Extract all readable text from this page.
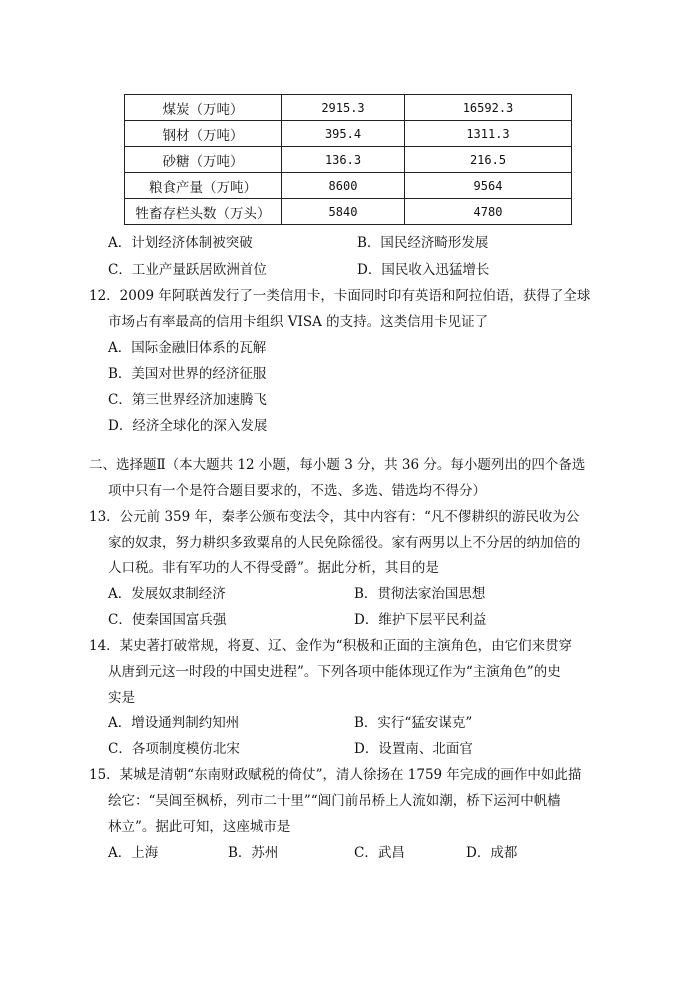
煤炭（万吨）	2915.3	16592.3
钢材（万吨）	395.4	1311.3
砂糖（万吨）	136.3	216.5
粮食产量（万吨）	8600	9564
牲畜存栏头数（万头）	5840	4780
A．计划经济体制被突破	B．国民经济畸形发展
C．工业产量跃居欧洲首位	D．国民收入迅猛增长
12．2009 年阿联酋发行了一类信用卡，卡面同时印有英语和阿拉伯语，获得了全球
市场占有率最高的信用卡组织 VISA 的支持。这类信用卡见证了
A．国际金融旧体系的瓦解
B．美国对世界的经济征服
C．第三世界经济加速腾飞
D．经济全球化的深入发展
二、选择题Ⅱ（本大题共 12 小题，每小题 3 分，共 36 分。每小题列出的四个备选
项中只有一个是符合题目要求的，不选、多选、错选均不得分）
13．公元前 359 年，秦孝公颁布变法令，其中内容有：“凡不僇耕织的游民收为公
家的奴隶，努力耕织多致粟帛的人民免除徭役。家有两男以上不分居的纳加倍的
人口税。非有军功的人不得受爵”。据此分析，其目的是
A．发展奴隶制经济	B．贯彻法家治国思想
C．使秦国国富兵强	D．维护下层平民利益
14．某史著打破常规，将夏、辽、金作为“积极和正面的主演角色，由它们来贯穿
从唐到元这一时段的中国史进程”。下列各项中能体现辽作为“主演角色”的史
实是
A．增设通判制约知州	B．实行“猛安谋克”
C．各项制度模仿北宋	D．设置南、北面官
15．某城是清朝“东南财政赋税的倚仗”，清人徐扬在 1759 年完成的画作中如此描
绘它：“吴阊至枫桥，列市二十里”“阊门前吊桥上人流如潮，桥下运河中帆樯
林立”。据此可知，这座城市是
A．上海	B．苏州	C．武昌	D．成都
